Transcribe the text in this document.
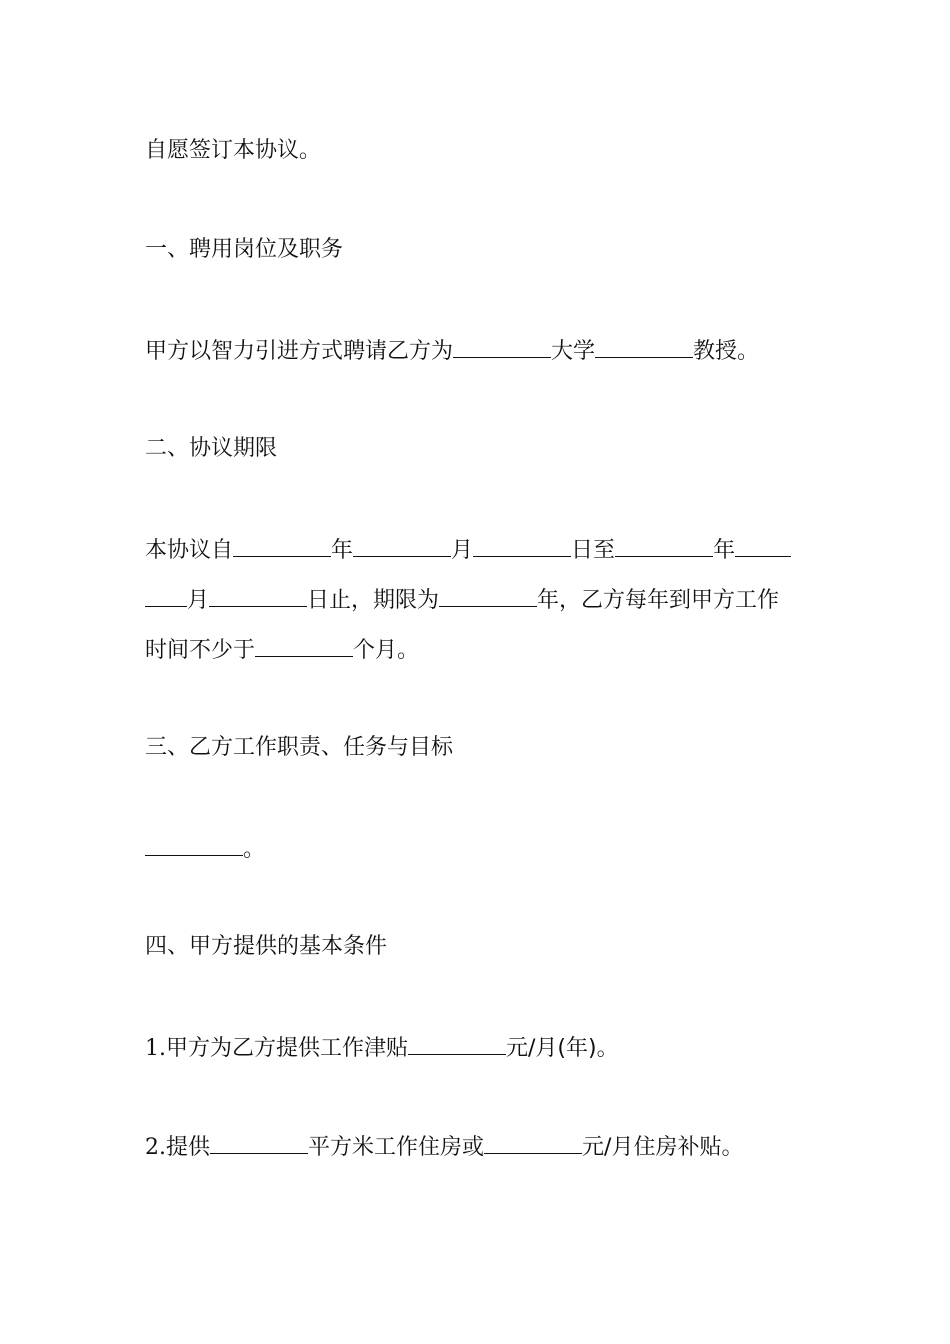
自愿签订本协议。
一、聘用岗位及职务
甲方以智力引进方式聘请乙方为	大学	教授。
二、协议期限
本协议自	年	月	日至	年
月	日止，期限为	年，乙方每年到甲方工作
时间不少于	个月。
三、乙方工作职责、任务与目标
。
四、甲方提供的基本条件
1.甲方为乙方提供工作津贴	元/月(年)。
2.提供	平方米工作住房或	元/月住房补贴。
